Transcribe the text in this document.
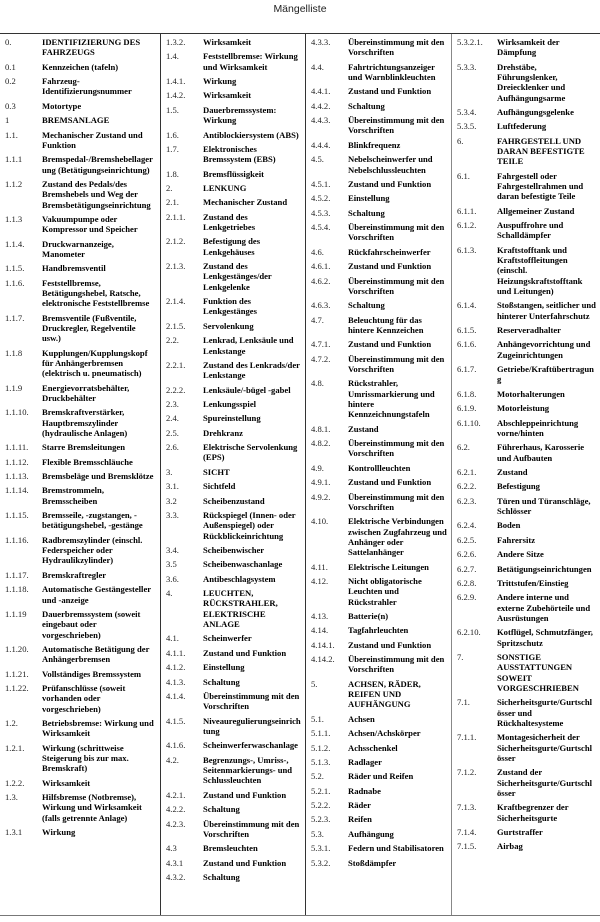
Mängelliste
0.	IDENTIFIZIERUNG DES FAHRZEUGS
0.1	Kennzeichen (tafeln)
0.2	Fahrzeug-Identifizierungsnummer
0.3	Motortype
1	BREMSANLAGE
1.1.	Mechanischer Zustand und Funktion
1.1.1	Bremspedal-/Bremshebellagerung (Betätigungseinrichtung)
1.1.2	Zustand des Pedals/des Bremshebels und Weg der Bremsbetätigungseinrichtung
1.1.3	Vakuumpumpe oder Kompressor und Speicher
1.1.4.	Druckwarnanzeige, Manometer
1.1.5.	Handbremsventil
1.1.6.	Feststellbremse, Betätigungshebel, Ratsche, elektronische Feststellbremse
1.1.7.	Bremsventile (Fußventile, Druckregler, Regelventile usw.)
1.1.8	Kupplungen/Kupplungskopf für Anhängerbremsen (elektrisch u. pneumatisch)
1.1.9	Energievorratsbehälter, Druckbehälter
1.1.10.	Bremskraftverstärker, Hauptbremszylinder (hydraulische Anlagen)
1.1.11.	Starre Bremsleitungen
1.1.12.	Flexible Bremsschläuche
1.1.13.	Bremsbeläge und Bremsklötze
1.1.14.	Bremstrommeln, Bremsscheiben
1.1.15.	Bremsseile, -zugstangen, -betätigungshebel, -gestänge
1.1.16.	Radbremszylinder (einschl. Federspeicher oder Hydraulikzylinder)
1.1.17.	Bremskraftregler
1.1.18.	Automatische Gestängesteller und -anzeige
1.1.19	Dauerbremssystem (soweit eingebaut oder vorgeschrieben)
1.1.20.	Automatische Betätigung der Anhängerbremsen
1.1.21.	Vollständiges Bremssystem
1.1.22.	Prüfanschlüsse (soweit vorhanden oder vorgeschrieben)
1.2.	Betriebsbremse: Wirkung und Wirksamkeit
1.2.1.	Wirkung (schrittweise Steigerung bis zur max. Bremskraft)
1.2.2.	Wirksamkeit
1.3.	Hilfsbremse (Notbremse), Wirkung und Wirksamkeit (falls getrennte Anlage)
1.3.1	Wirkung
1.3.2.	Wirksamkeit
1.4.	Feststellbremse: Wirkung und Wirksamkeit
1.4.1.	Wirkung
1.4.2.	Wirksamkeit
1.5.	Dauerbremssystem: Wirkung
1.6.	Antiblockiersystem (ABS)
1.7.	Elektronisches Bremssystem (EBS)
1.8.	Bremsflüssigkeit
2.	LENKUNG
2.1.	Mechanischer Zustand
2.1.1.	Zustand des Lenkgetriebes
2.1.2.	Befestigung des Lenkgehäuses
2.1.3.	Zustand des Lenkgestänges/der Lenkgelenke
2.1.4.	Funktion des Lenkgestänges
2.1.5.	Servolenkung
2.2.	Lenkrad, Lenksäule und Lenkstange
2.2.1.	Zustand des Lenkrads/der Lenkstange
2.2.2.	Lenksäule/-bügel -gabel
2.3.	Lenkungsspiel
2.4.	Spureinstellung
2.5.	Drehkranz
2.6.	Elektrische Servolenkung (EPS)
3.	SICHT
3.1.	Sichtfeld
3.2	Scheibenzustand
3.3.	Rückspiegel (Innen- oder Außenspiegel) oder Rückblickeinrichtung
3.4.	Scheibenwischer
3.5	Scheibenwaschanlage
3.6.	Antibeschlagsystem
4.	LEUCHTEN, RÜCKSTRAHLER, ELEKTRISCHE ANLAGE
4.1.	Scheinwerfer
4.1.1.	Zustand und Funktion
4.1.2.	Einstellung
4.1.3.	Schaltung
4.1.4.	Übereinstimmung mit den Vorschriften
4.1.5.	Niveauregulierungseinrichtung
4.1.6.	Scheinwerferwaschanlage
4.2.	Begrenzungs-, Umriss-, Seitenmarkierungs- und Schlussleuchten
4.2.1.	Zustand und Funktion
4.2.2.	Schaltung
4.2.3.	Übereinstimmung mit den Vorschriften
4.3	Bremsleuchten
4.3.1	Zustand und Funktion
4.3.2.	Schaltung
4.3.3.	Übereinstimmung mit den Vorschriften
4.4.	Fahrtrichtungsanzeiger und Warnblinkleuchten
4.4.1.	Zustand und Funktion
4.4.2.	Schaltung
4.4.3.	Übereinstimmung mit den Vorschriften
4.4.4.	Blinkfrequenz
4.5.	Nebelscheinwerfer und Nebelschlussleuchten
4.5.1.	Zustand und Funktion
4.5.2.	Einstellung
4.5.3.	Schaltung
4.5.4.	Übereinstimmung mit den Vorschriften
4.6.	Rückfahrscheinwerfer
4.6.1.	Zustand und Funktion
4.6.2.	Übereinstimmung mit den Vorschriften
4.6.3.	Schaltung
4.7.	Beleuchtung für das hintere Kennzeichen
4.7.1.	Zustand und Funktion
4.7.2.	Übereinstimmung mit den Vorschriften
4.8.	Rückstrahler, Umrissmarkierung und hintere Kennzeichnungstafeln
4.8.1.	Zustand
4.8.2.	Übereinstimmung mit den Vorschriften
4.9.	Kontrollleuchten
4.9.1.	Zustand und Funktion
4.9.2.	Übereinstimmung mit den Vorschriften
4.10.	Elektrische Verbindungen zwischen Zugfahrzeug und Anhänger oder Sattelanhänger
4.11.	Elektrische Leitungen
4.12.	Nicht obligatorische Leuchten und Rückstrahler
4.13.	Batterie(n)
4.14.	Tagfahrleuchten
4.14.1.	Zustand und Funktion
4.14.2.	Übereinstimmung mit den Vorschriften
5.	ACHSEN, RÄDER, REIFEN UND AUFHÄNGUNG
5.1.	Achsen
5.1.1.	Achsen/Achskörper
5.1.2.	Achsschenkel
5.1.3.	Radlager
5.2.	Räder und Reifen
5.2.1.	Radnabe
5.2.2.	Räder
5.2.3.	Reifen
5.3.	Aufhängung
5.3.1.	Federn und Stabilisatoren
5.3.2.	Stoßdämpfer
5.3.2.1.	Wirksamkeit der Dämpfung
5.3.3.	Drehstäbe, Führungslenker, Dreiecklenker und Aufhängungsarme
5.3.4.	Aufhängungsgelenke
5.3.5.	Luftfederung
6.	FAHRGESTELL UND DARAN BEFESTIGTE TEILE
6.1.	Fahrgestell oder Fahrgestellrahmen und daran befestigte Teile
6.1.1.	Allgemeiner Zustand
6.1.2.	Auspuffrohre und Schalldämpfer
6.1.3.	Kraftstofftank und Kraftstoffleitungen (einschl. Heizungskraftstofftank und Leitungen)
6.1.4.	Stoßstangen, seitlicher und hinterer Unterfahrschutz
6.1.5.	Reserveradhalter
6.1.6.	Anhängevorrichtung und Zugeinrichtungen
6.1.7.	Getriebe/Kraftübertragung
6.1.8.	Motorhalterungen
6.1.9.	Motorleistung
6.1.10.	Abschleppeinrichtung vorne/hinten
6.2.	Führerhaus, Karosserie und Aufbauten
6.2.1.	Zustand
6.2.2.	Befestigung
6.2.3.	Türen und Türanschläge, Schlösser
6.2.4.	Boden
6.2.5.	Fahrersitz
6.2.6.	Andere Sitze
6.2.7.	Betätigungseinrichtungen
6.2.8.	Trittstufen/Einstieg
6.2.9.	Andere interne und externe Zubehörteile und Ausrüstungen
6.2.10.	Kotflügel, Schmutzfänger, Spritzschutz
7.	SONSTIGE AUSSTATTUNGEN SOWEIT VORGESCHRIEBEN
7.1.	Sicherheitsgurte/Gurtschlösser und Rückhaltesysteme
7.1.1.	Montagesicherheit der Sicherheitsgurte/Gurtschlösser
7.1.2.	Zustand der Sicherheitsgurte/Gurtschlösser
7.1.3.	Kraftbegrenzer der Sicherheitsgurte
7.1.4.	Gurtstraffer
7.1.5.	Airbag
